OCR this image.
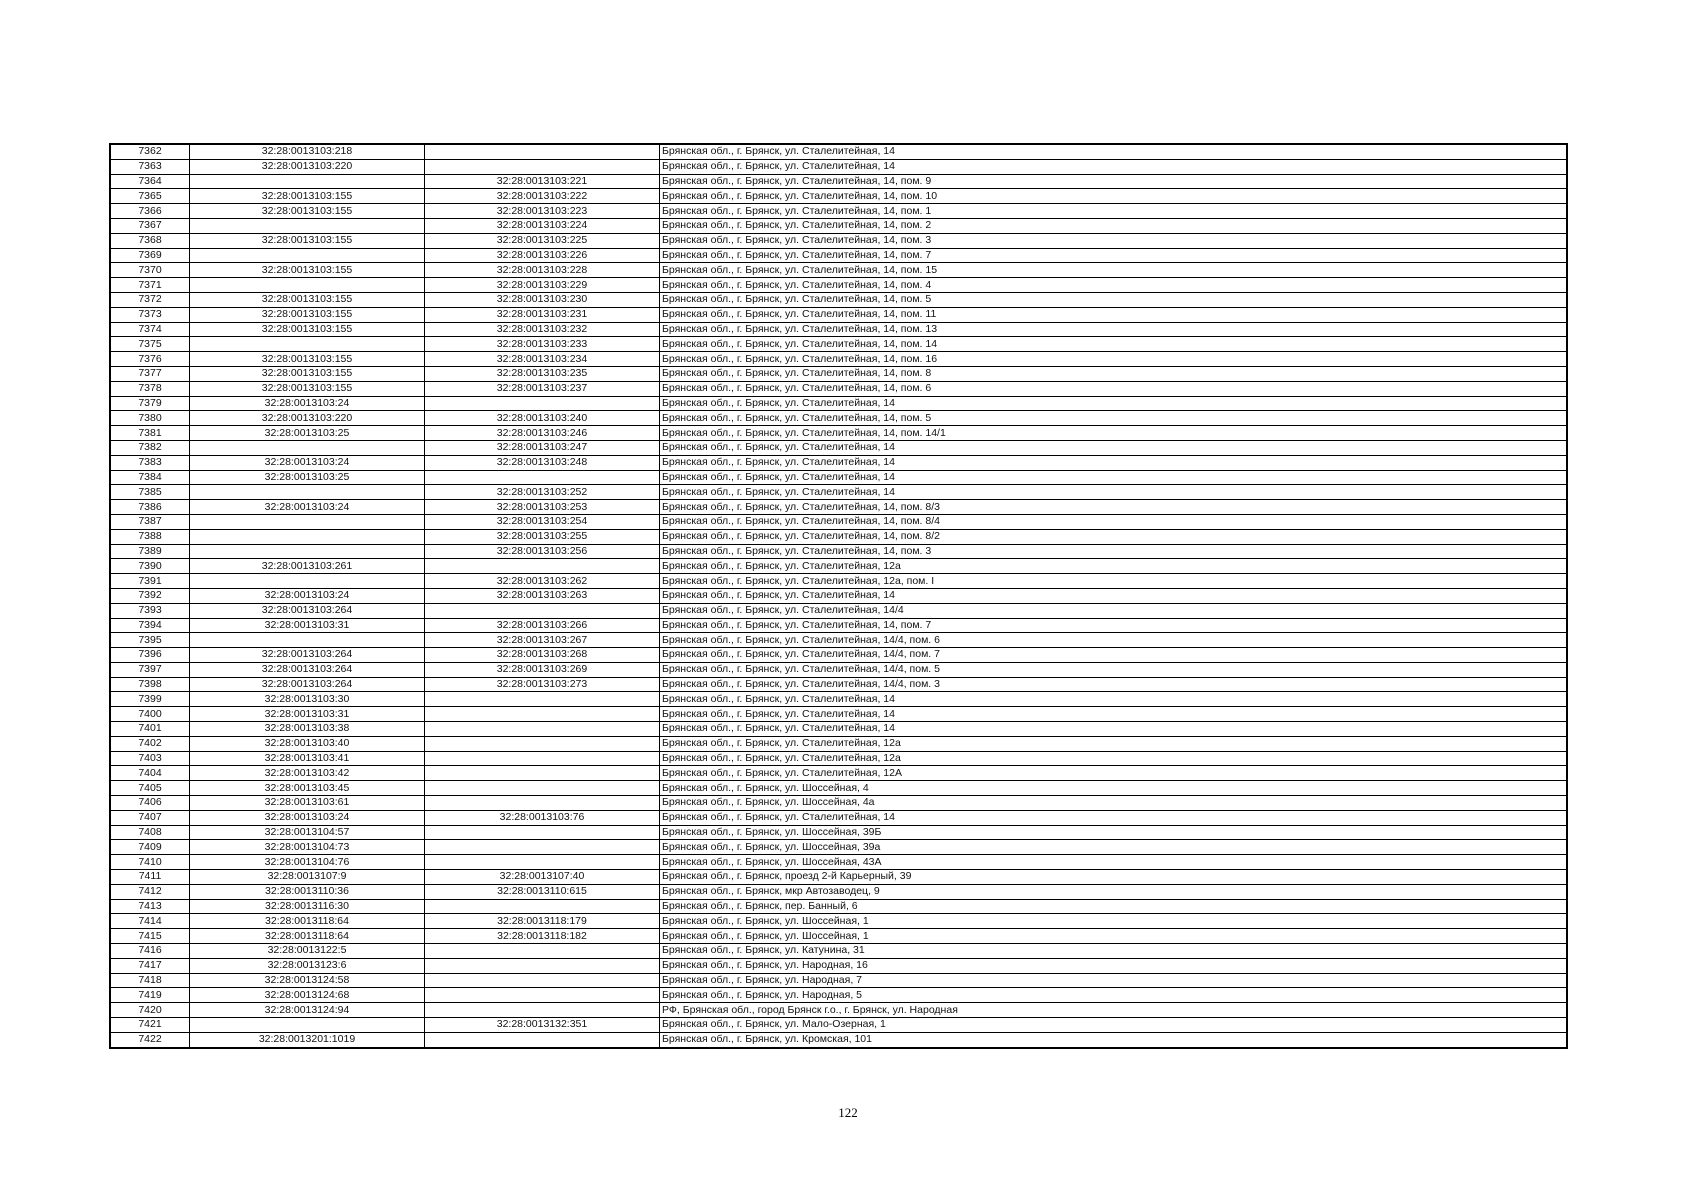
7362	32:28:0013103:218		Брянская обл., г. Брянск, ул. Сталелитейная, 14
7363	32:28:0013103:220		Брянская обл., г. Брянск, ул. Сталелитейная, 14
7364		32:28:0013103:221	Брянская обл., г. Брянск, ул. Сталелитейная, 14, пом. 9
7365	32:28:0013103:155	32:28:0013103:222	Брянская обл., г. Брянск, ул. Сталелитейная, 14, пом. 10
7366	32:28:0013103:155	32:28:0013103:223	Брянская обл., г. Брянск, ул. Сталелитейная, 14, пом. 1
7367		32:28:0013103:224	Брянская обл., г. Брянск, ул. Сталелитейная, 14, пом. 2
7368	32:28:0013103:155	32:28:0013103:225	Брянская обл., г. Брянск, ул. Сталелитейная, 14, пом. 3
7369		32:28:0013103:226	Брянская обл., г. Брянск, ул. Сталелитейная, 14, пом. 7
7370	32:28:0013103:155	32:28:0013103:228	Брянская обл., г. Брянск, ул. Сталелитейная, 14, пом. 15
7371		32:28:0013103:229	Брянская обл., г. Брянск, ул. Сталелитейная, 14, пом. 4
7372	32:28:0013103:155	32:28:0013103:230	Брянская обл., г. Брянск, ул. Сталелитейная, 14, пом. 5
7373	32:28:0013103:155	32:28:0013103:231	Брянская обл., г. Брянск, ул. Сталелитейная, 14, пом. 11
7374	32:28:0013103:155	32:28:0013103:232	Брянская обл., г. Брянск, ул. Сталелитейная, 14, пом. 13
7375		32:28:0013103:233	Брянская обл., г. Брянск, ул. Сталелитейная, 14, пом. 14
7376	32:28:0013103:155	32:28:0013103:234	Брянская обл., г. Брянск, ул. Сталелитейная, 14, пом. 16
7377	32:28:0013103:155	32:28:0013103:235	Брянская обл., г. Брянск, ул. Сталелитейная, 14, пом. 8
7378	32:28:0013103:155	32:28:0013103:237	Брянская обл., г. Брянск, ул. Сталелитейная, 14, пом. 6
7379	32:28:0013103:24		Брянская обл., г. Брянск, ул. Сталелитейная, 14
7380	32:28:0013103:220	32:28:0013103:240	Брянская обл., г. Брянск, ул. Сталелитейная, 14, пом. 5
7381	32:28:0013103:25	32:28:0013103:246	Брянская обл., г. Брянск, ул. Сталелитейная, 14, пом. 14/1
7382		32:28:0013103:247	Брянская обл., г. Брянск, ул. Сталелитейная, 14
7383	32:28:0013103:24	32:28:0013103:248	Брянская обл., г. Брянск, ул. Сталелитейная, 14
7384	32:28:0013103:25		Брянская обл., г. Брянск, ул. Сталелитейная, 14
7385		32:28:0013103:252	Брянская обл., г. Брянск, ул. Сталелитейная, 14
7386	32:28:0013103:24	32:28:0013103:253	Брянская обл., г. Брянск, ул. Сталелитейная, 14, пом. 8/3
7387		32:28:0013103:254	Брянская обл., г. Брянск, ул. Сталелитейная, 14, пом. 8/4
7388		32:28:0013103:255	Брянская обл., г. Брянск, ул. Сталелитейная, 14, пом. 8/2
7389		32:28:0013103:256	Брянская обл., г. Брянск, ул. Сталелитейная, 14, пом. 3
7390	32:28:0013103:261		Брянская обл., г. Брянск, ул. Сталелитейная, 12а
7391		32:28:0013103:262	Брянская обл., г. Брянск, ул. Сталелитейная, 12а, пом. I
7392	32:28:0013103:24	32:28:0013103:263	Брянская обл., г. Брянск, ул. Сталелитейная, 14
7393	32:28:0013103:264		Брянская обл., г. Брянск, ул. Сталелитейная, 14/4
7394	32:28:0013103:31	32:28:0013103:266	Брянская обл., г. Брянск, ул. Сталелитейная, 14, пом. 7
7395		32:28:0013103:267	Брянская обл., г. Брянск, ул. Сталелитейная, 14/4, пом. 6
7396	32:28:0013103:264	32:28:0013103:268	Брянская обл., г. Брянск, ул. Сталелитейная, 14/4, пом. 7
7397	32:28:0013103:264	32:28:0013103:269	Брянская обл., г. Брянск, ул. Сталелитейная, 14/4, пом. 5
7398	32:28:0013103:264	32:28:0013103:273	Брянская обл., г. Брянск, ул. Сталелитейная, 14/4, пом. 3
7399	32:28:0013103:30		Брянская обл., г. Брянск, ул. Сталелитейная, 14
7400	32:28:0013103:31		Брянская обл., г. Брянск, ул. Сталелитейная, 14
7401	32:28:0013103:38		Брянская обл., г. Брянск, ул. Сталелитейная, 14
7402	32:28:0013103:40		Брянская обл., г. Брянск, ул. Сталелитейная, 12а
7403	32:28:0013103:41		Брянская обл., г. Брянск, ул. Сталелитейная, 12а
7404	32:28:0013103:42		Брянская обл., г. Брянск, ул. Сталелитейная, 12А
7405	32:28:0013103:45		Брянская обл., г. Брянск, ул. Шоссейная, 4
7406	32:28:0013103:61		Брянская обл., г. Брянск, ул. Шоссейная, 4а
7407	32:28:0013103:24	32:28:0013103:76	Брянская обл., г. Брянск, ул. Сталелитейная, 14
7408	32:28:0013104:57		Брянская обл., г. Брянск, ул. Шоссейная, 39Б
7409	32:28:0013104:73		Брянская обл., г. Брянск, ул. Шоссейная, 39а
7410	32:28:0013104:76		Брянская обл., г. Брянск, ул. Шоссейная, 43А
7411	32:28:0013107:9	32:28:0013107:40	Брянская обл., г. Брянск, проезд 2-й Карьерный, 39
7412	32:28:0013110:36	32:28:0013110:615	Брянская обл., г. Брянск, мкр Автозаводец, 9
7413	32:28:0013116:30		Брянская обл., г. Брянск, пер. Банный, 6
7414	32:28:0013118:64	32:28:0013118:179	Брянская обл., г. Брянск, ул. Шоссейная, 1
7415	32:28:0013118:64	32:28:0013118:182	Брянская обл., г. Брянск, ул. Шоссейная, 1
7416	32:28:0013122:5		Брянская обл., г. Брянск, ул. Катунина, 31
7417	32:28:0013123:6		Брянская обл., г. Брянск, ул. Народная, 16
7418	32:28:0013124:58		Брянская обл., г. Брянск, ул. Народная, 7
7419	32:28:0013124:68		Брянская обл., г. Брянск, ул. Народная, 5
7420	32:28:0013124:94		РФ, Брянская обл., город Брянск г.о., г. Брянск, ул. Народная
7421		32:28:0013132:351	Брянская обл., г. Брянск, ул. Мало-Озерная, 1
7422	32:28:0013201:1019		Брянская обл., г. Брянск, ул. Кромская, 101
122
